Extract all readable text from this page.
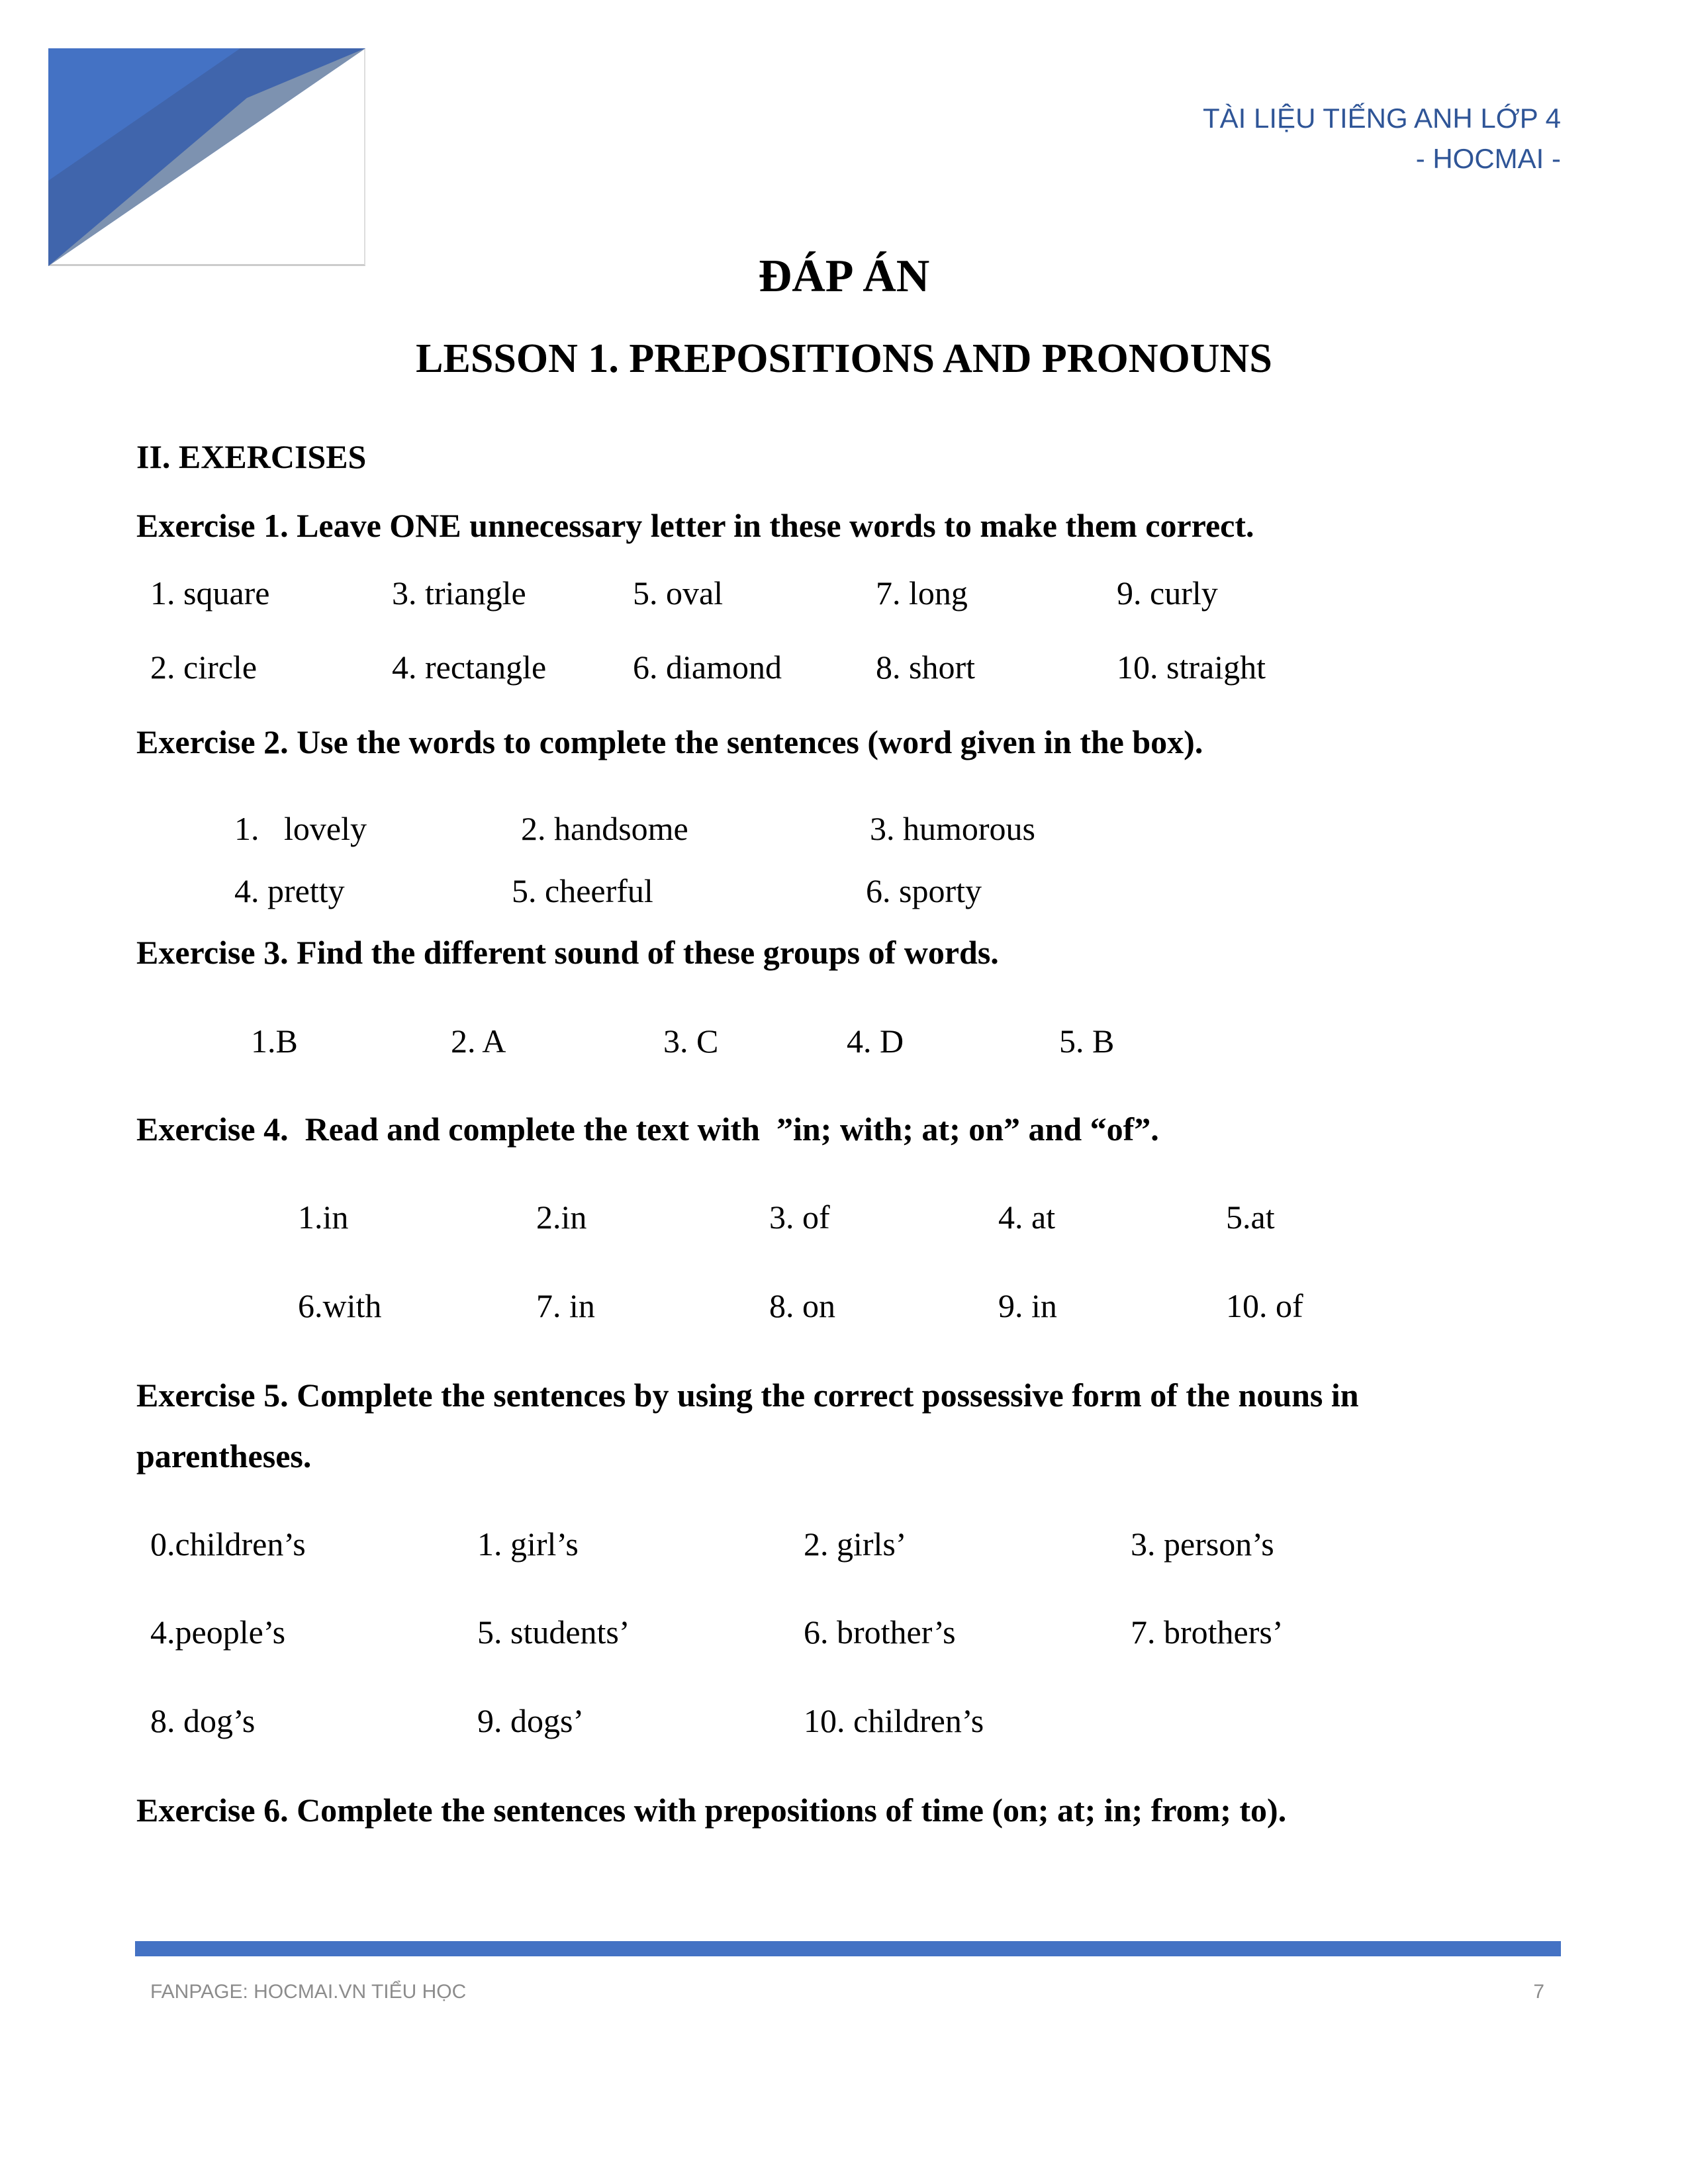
TÀI LIỆU TIẾNG ANH LỚP 4
- HOCMAI -
ĐÁP ÁN
LESSON 1. PREPOSITIONS AND PRONOUNS
II. EXERCISES
Exercise 1. Leave ONE unnecessary letter in these words to make them correct.
1. square	3. triangle	5. oval	7. long	9. curly
2. circle	4. rectangle	6. diamond	8. short	10. straight
Exercise 2. Use the words to complete the sentences (word given in the box).
1.   lovely	2. handsome	3. humorous
4. pretty	5. cheerful	6. sporty
Exercise 3. Find the different sound of these groups of words.
1.B	2. A	3. C	4. D	5. B
Exercise 4.  Read and complete the text with  ”in; with; at; on” and “of”.
1.in	2.in	3. of	4. at	5.at
6.with	7. in	8. on	9. in	10. of
Exercise 5. Complete the sentences by using the correct possessive form of the nouns in
parentheses.
0.children’s	1. girl’s	2. girls’	3. person’s
4.people’s	5. students’	6. brother’s	7. brothers’
8. dog’s	9. dogs’	10. children’s
Exercise 6. Complete the sentences with prepositions of time (on; at; in; from; to).
FANPAGE: HOCMAI.VN TIỂU HỌC	7
